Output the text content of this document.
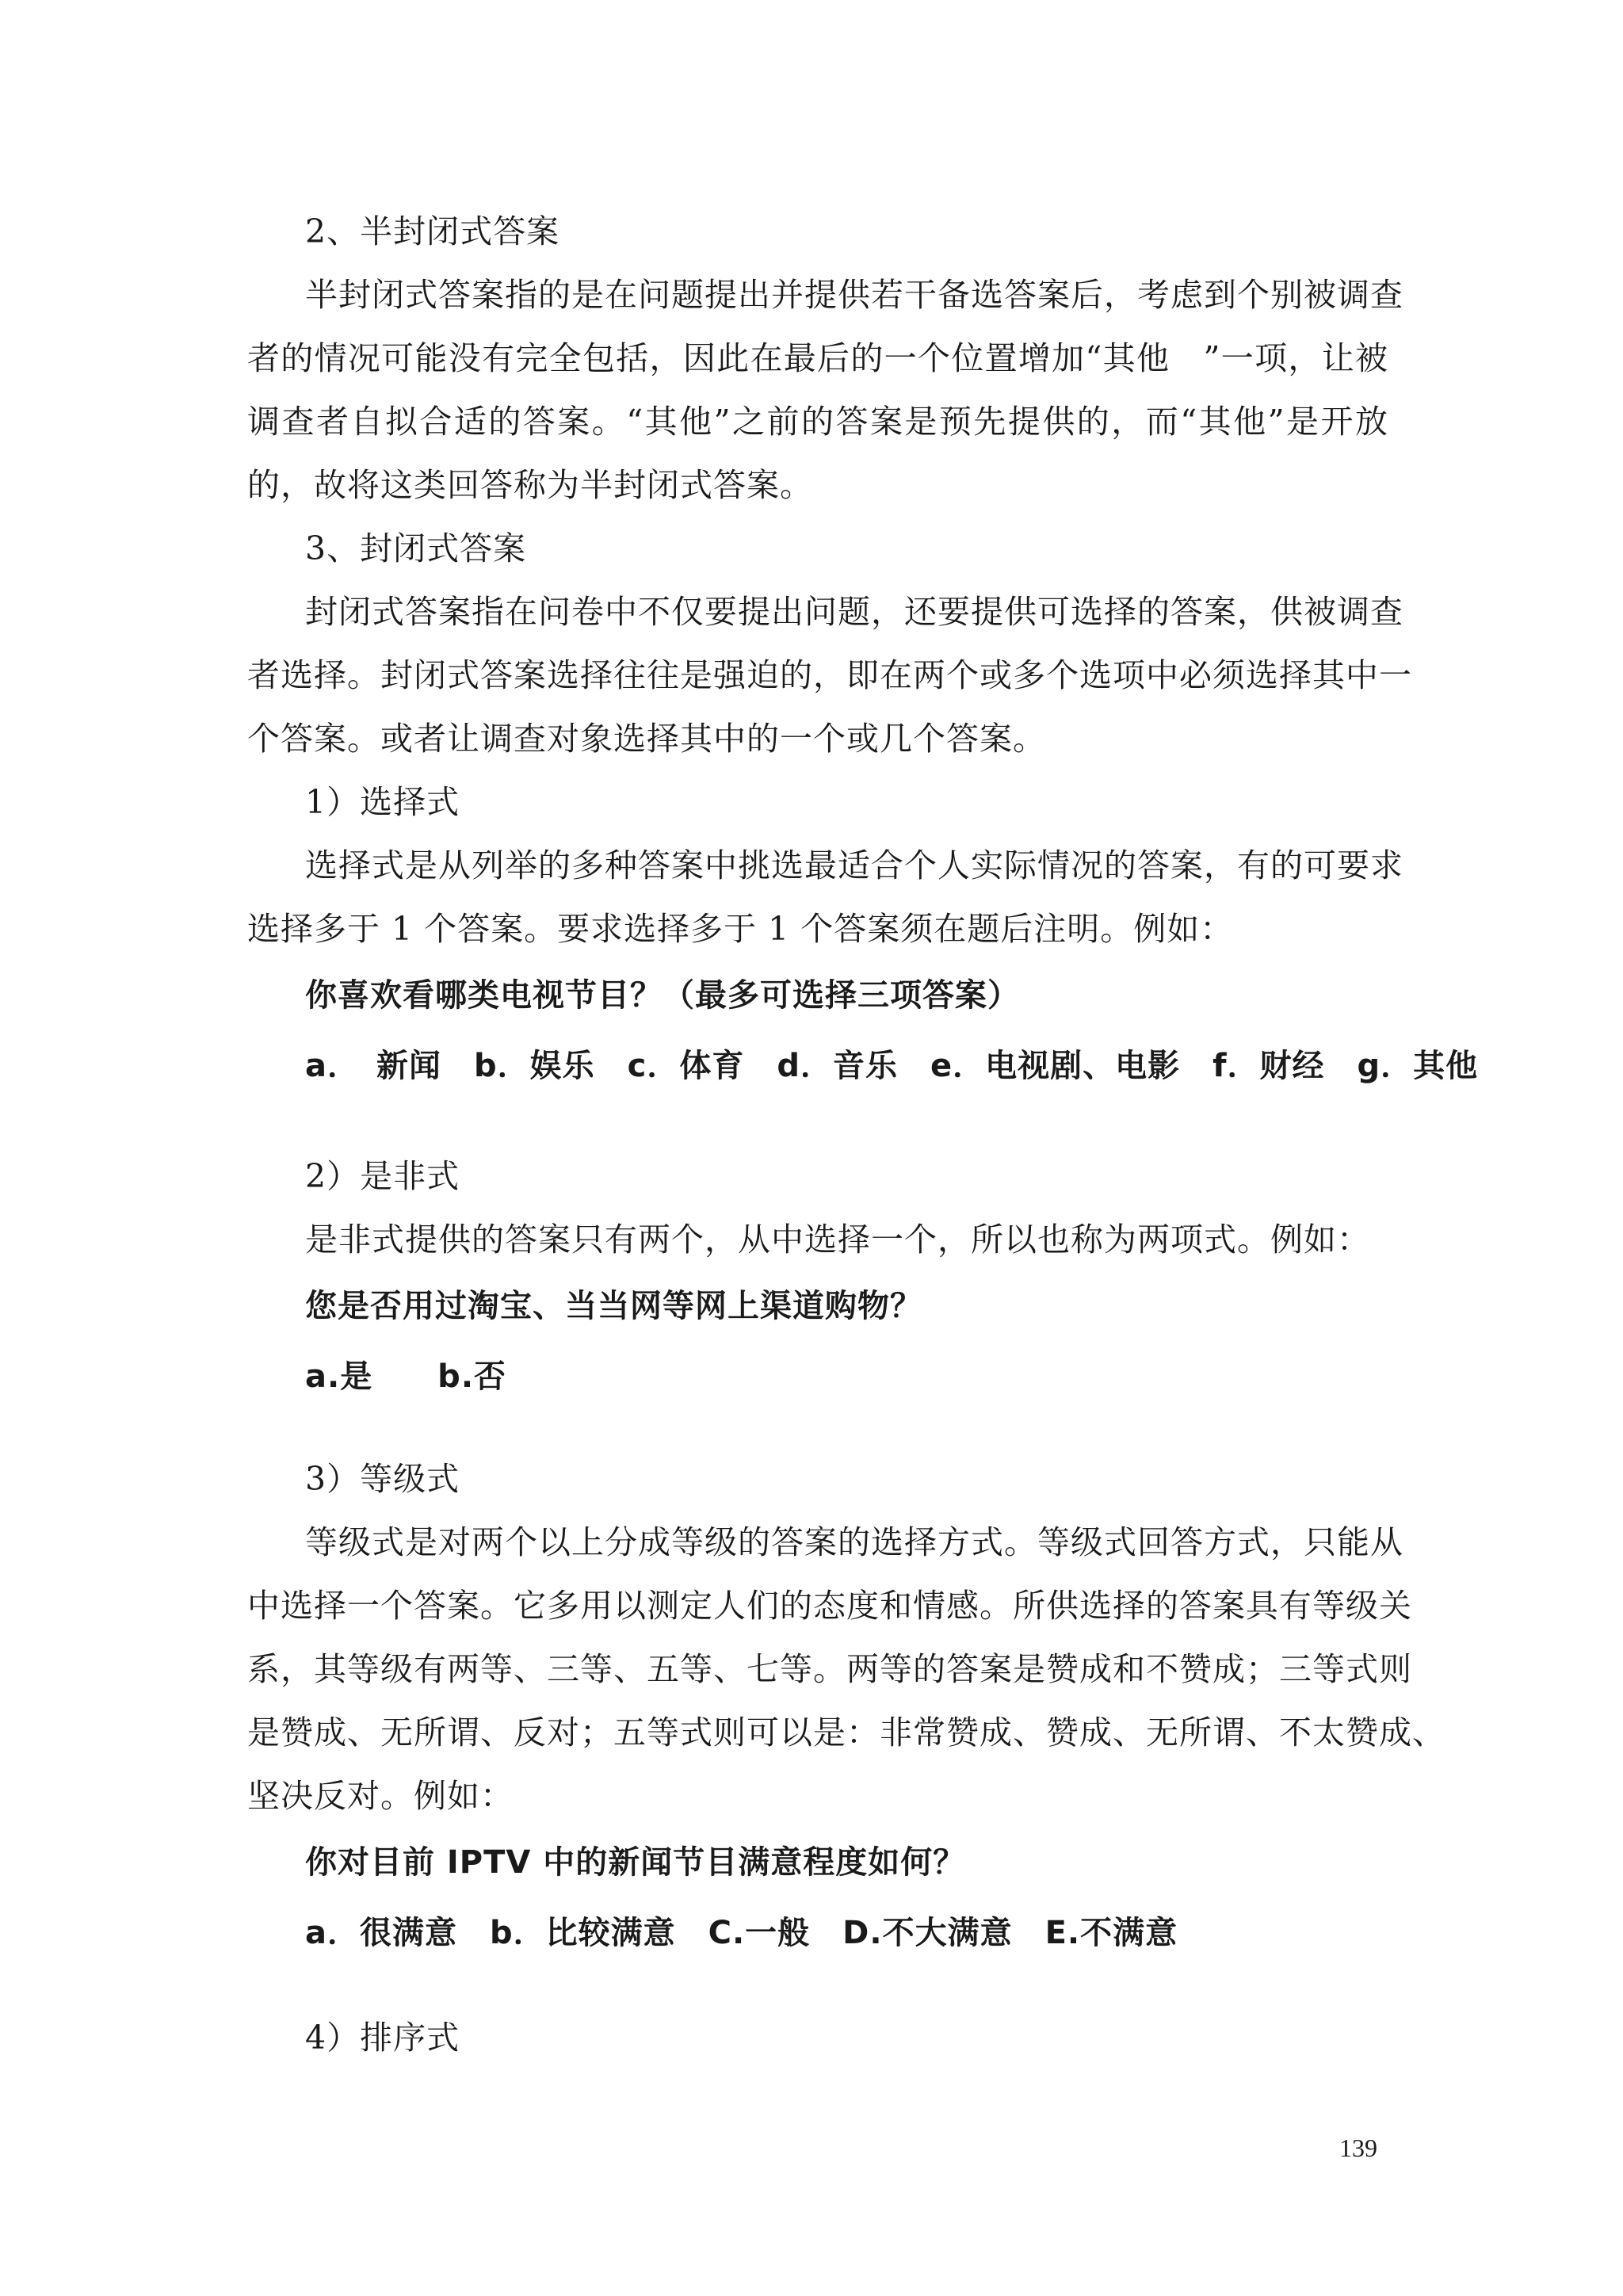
2、半封闭式答案
半封闭式答案指的是在问题提出并提供若干备选答案后，考虑到个别被调查
者的情况可能没有完全包括，因此在最后的一个位置增加“其他　”一项，让被
调查者自拟合适的答案。“其他”之前的答案是预先提供的，而“其他”是开放
的，故将这类回答称为半封闭式答案。
3、封闭式答案
封闭式答案指在问卷中不仅要提出问题，还要提供可选择的答案，供被调查
者选择。封闭式答案选择往往是强迫的，即在两个或多个选项中必须选择其中一
个答案。或者让调查对象选择其中的一个或几个答案。
1）选择式
选择式是从列举的多种答案中挑选最适合个人实际情况的答案，有的可要求
选择多于 1 个答案。要求选择多于 1 个答案须在题后注明。例如：
你喜欢看哪类电视节目？（最多可选择三项答案）
a．　新闻　b．娱乐　c．体育　d．音乐　e．电视剧、电影　f．财经　g．其他
2）是非式
是非式提供的答案只有两个，从中选择一个，所以也称为两项式。例如：
您是否用过淘宝、当当网等网上渠道购物？
a.是　　b.否
3）等级式
等级式是对两个以上分成等级的答案的选择方式。等级式回答方式，只能从
中选择一个答案。它多用以测定人们的态度和情感。所供选择的答案具有等级关
系，其等级有两等、三等、五等、七等。两等的答案是赞成和不赞成；三等式则
是赞成、无所谓、反对；五等式则可以是：非常赞成、赞成、无所谓、不太赞成、
坚决反对。例如：
你对目前 IPTV 中的新闻节目满意程度如何？
a．很满意　b．比较满意　C.一般　D.不大满意　E.不满意
4）排序式
139
